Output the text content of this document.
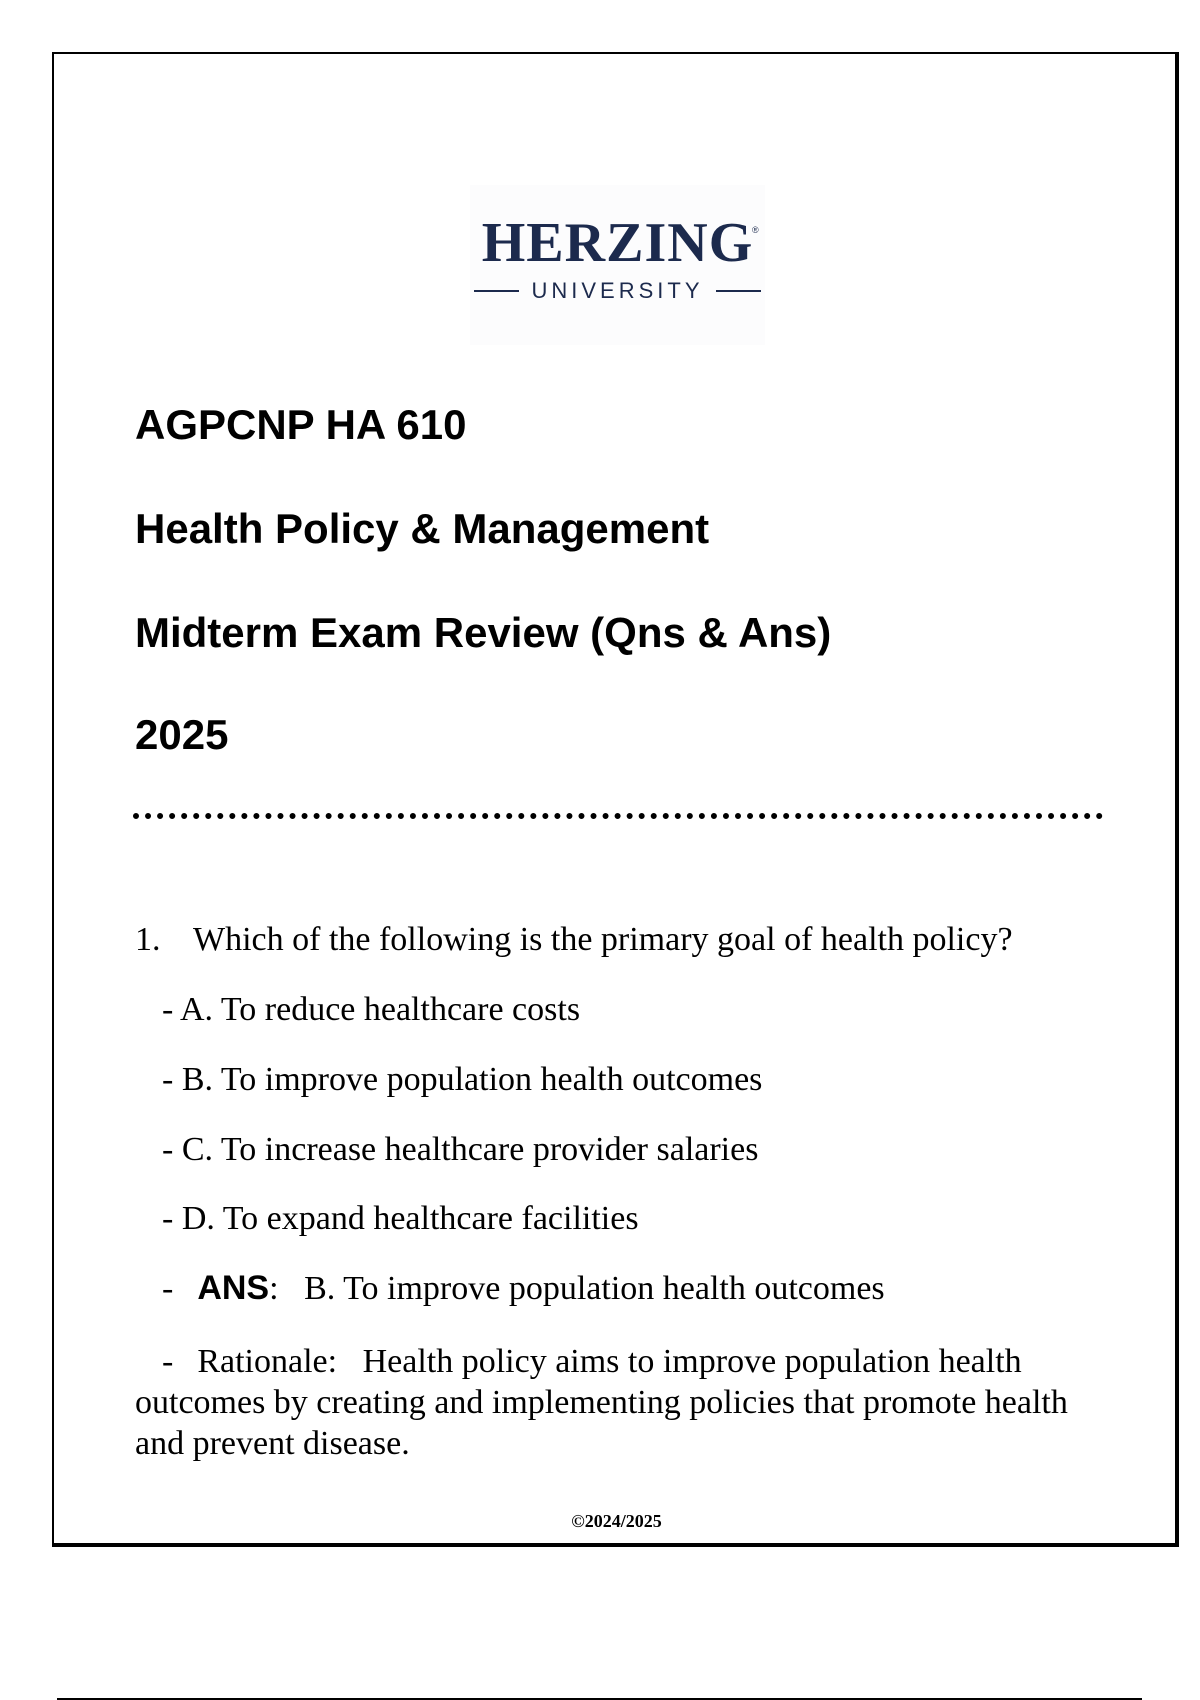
HERZING
®
UNIVERSITY
AGPCNP HA 610
Health Policy & Management
Midterm Exam Review (Qns & Ans)
2025
1. Which of the following is the primary goal of health policy?
- A. To reduce healthcare costs
- B. To improve population health outcomes
- C. To increase healthcare provider salaries
- D. To expand healthcare facilities
- ANS: B. To improve population health outcomes
- Rationale: Health policy aims to improve population health outcomes by creating and implementing policies that promote health and prevent disease.
©2024/2025
